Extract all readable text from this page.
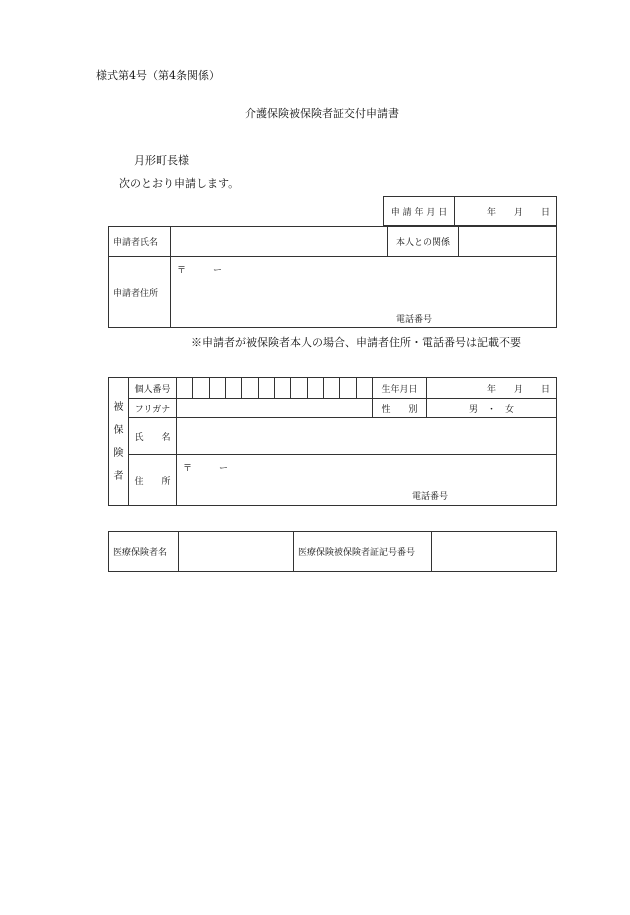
様式第4号（第4条関係）
介護保険被保険者証交付申請書
月形町長様
次のとおり申請します。
申 請 年 月 日	年　　月　　日
申請者氏名		本人との関係	
申請者住所	〒　　　ー
電話番号		
※申請者が被保険者本人の場合、申請者住所・電話番号は記載不要
被
保
険
者	個人番号		生年月日	年　　月　　日
	フリガナ		性　　別	男　・　女
	氏　　名			
	住　　所	〒　　　ー
電話番号		
医療保険者名		医療保険被保険者証記号番号	
